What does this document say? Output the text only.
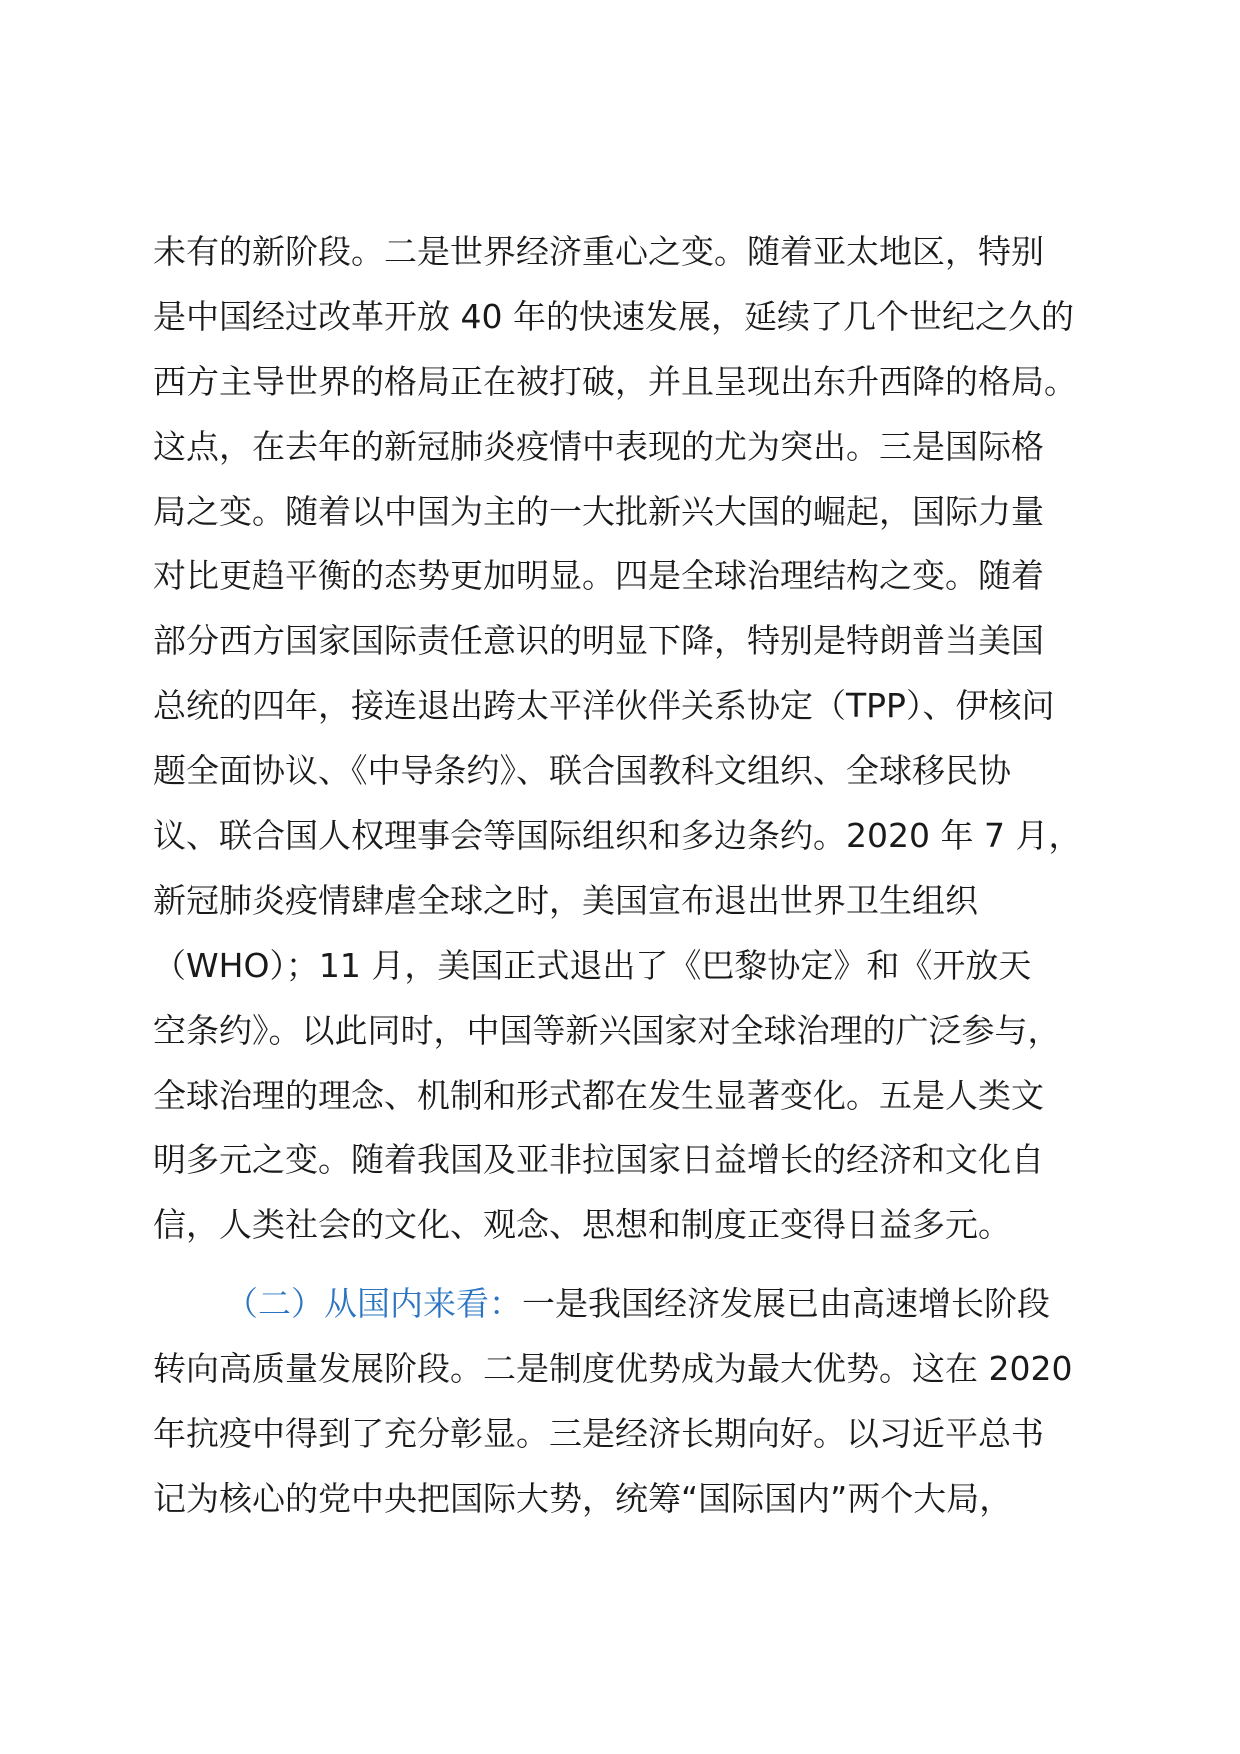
未有的新阶段。二是世界经济重心之变。随着亚太地区，特别
是中国经过改革开放 40 年的快速发展，延续了几个世纪之久的
西方主导世界的格局正在被打破，并且呈现出东升西降的格局。
这点，在去年的新冠肺炎疫情中表现的尤为突出。三是国际格
局之变。随着以中国为主的一大批新兴大国的崛起，国际力量
对比更趋平衡的态势更加明显。四是全球治理结构之变。随着
部分西方国家国际责任意识的明显下降，特别是特朗普当美国
总统的四年，接连退出跨太平洋伙伴关系协定（TPP）、伊核问
题全面协议、《中导条约》、联合国教科文组织、全球移民协
议、联合国人权理事会等国际组织和多边条约。2020 年 7 月，
新冠肺炎疫情肆虐全球之时，美国宣布退出世界卫生组织
（WHO）；11 月，美国正式退出了《巴黎协定》和《开放天
空条约》。以此同时，中国等新兴国家对全球治理的广泛参与，
全球治理的理念、机制和形式都在发生显著变化。五是人类文
明多元之变。随着我国及亚非拉国家日益增长的经济和文化自
信，人类社会的文化、观念、思想和制度正变得日益多元。
（二）从国内来看：一是我国经济发展已由高速增长阶段
转向高质量发展阶段。二是制度优势成为最大优势。这在 2020
年抗疫中得到了充分彰显。三是经济长期向好。以习近平总书
记为核心的党中央把国际大势，统筹“国际国内”两个大局，
